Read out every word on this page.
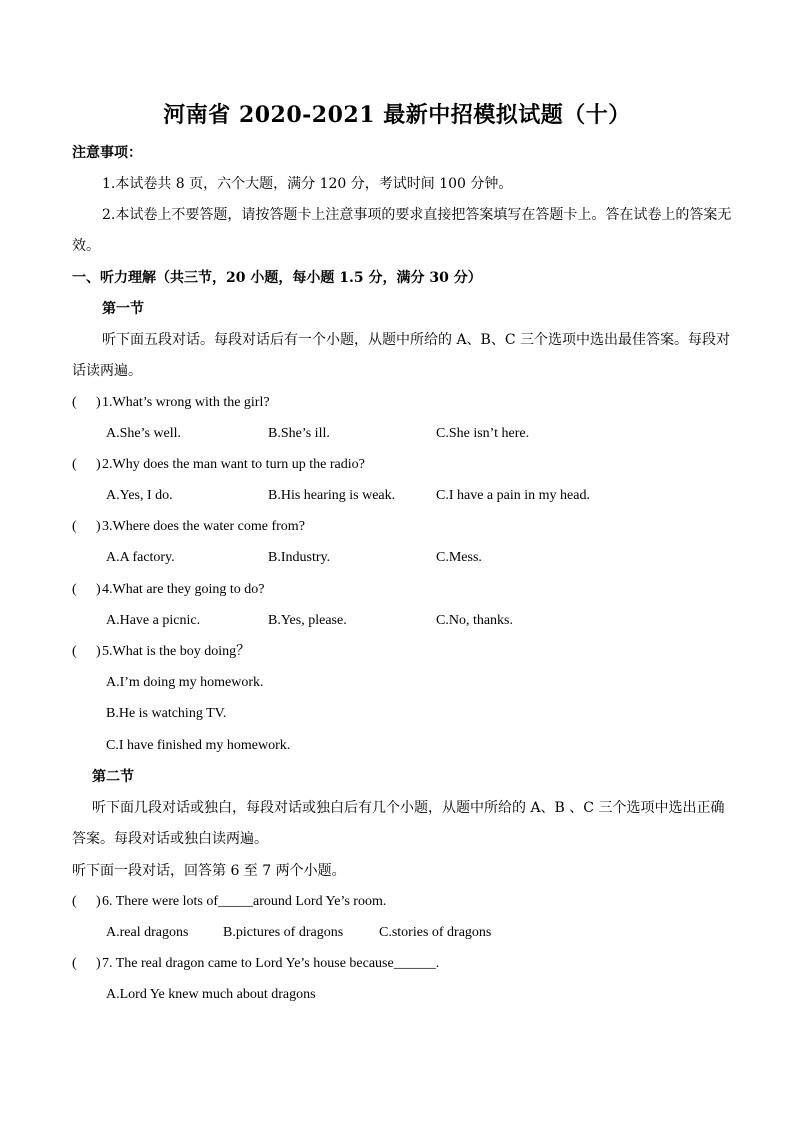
河南省 2020-2021 最新中招模拟试题（十）
注意事项：
1.本试卷共 8 页，六个大题，满分 120 分，考试时间 100 分钟。
2.本试卷上不要答题，请按答题卡上注意事项的要求直接把答案填写在答题卡上。答在试卷上的答案无
效。
一、听力理解（共三节，20 小题，每小题 1.5 分，满分 30 分）
第一节
听下面五段对话。每段对话后有一个小题，从题中所给的 A、B、C 三个选项中选出最佳答案。每段对
话读两遍。
( ) 1.What’s wrong with the girl?
A.She’s well.	B.She’s ill.	C.She isn’t here.
( ) 2.Why does the man want to turn up the radio?
A.Yes, I do.	B.His hearing is weak.	C.I have a pain in my head.
( ) 3.Where does the water come from?
A.A factory.	B.Industry.	C.Mess.
( ) 4.What are they going to do?
A.Have a picnic.	B.Yes, please.	C.No, thanks.
( ) 5.What is the boy doing？
A.I’m doing my homework.
B.He is watching TV.
C.I have finished my homework.
第二节
听下面几段对话或独白，每段对话或独白后有几个小题，从题中所给的 A、B 、C 三个选项中选出正确
答案。每段对话或独白读两遍。
听下面一段对话，回答第 6 至 7 两个小题。
( ) 6. There were lots of_____around Lord Ye’s room.
A.real dragons B.pictures of dragons	C.stories of dragons
( ) 7. The real dragon came to Lord Ye’s house because______.
A.Lord Ye knew much about dragons
